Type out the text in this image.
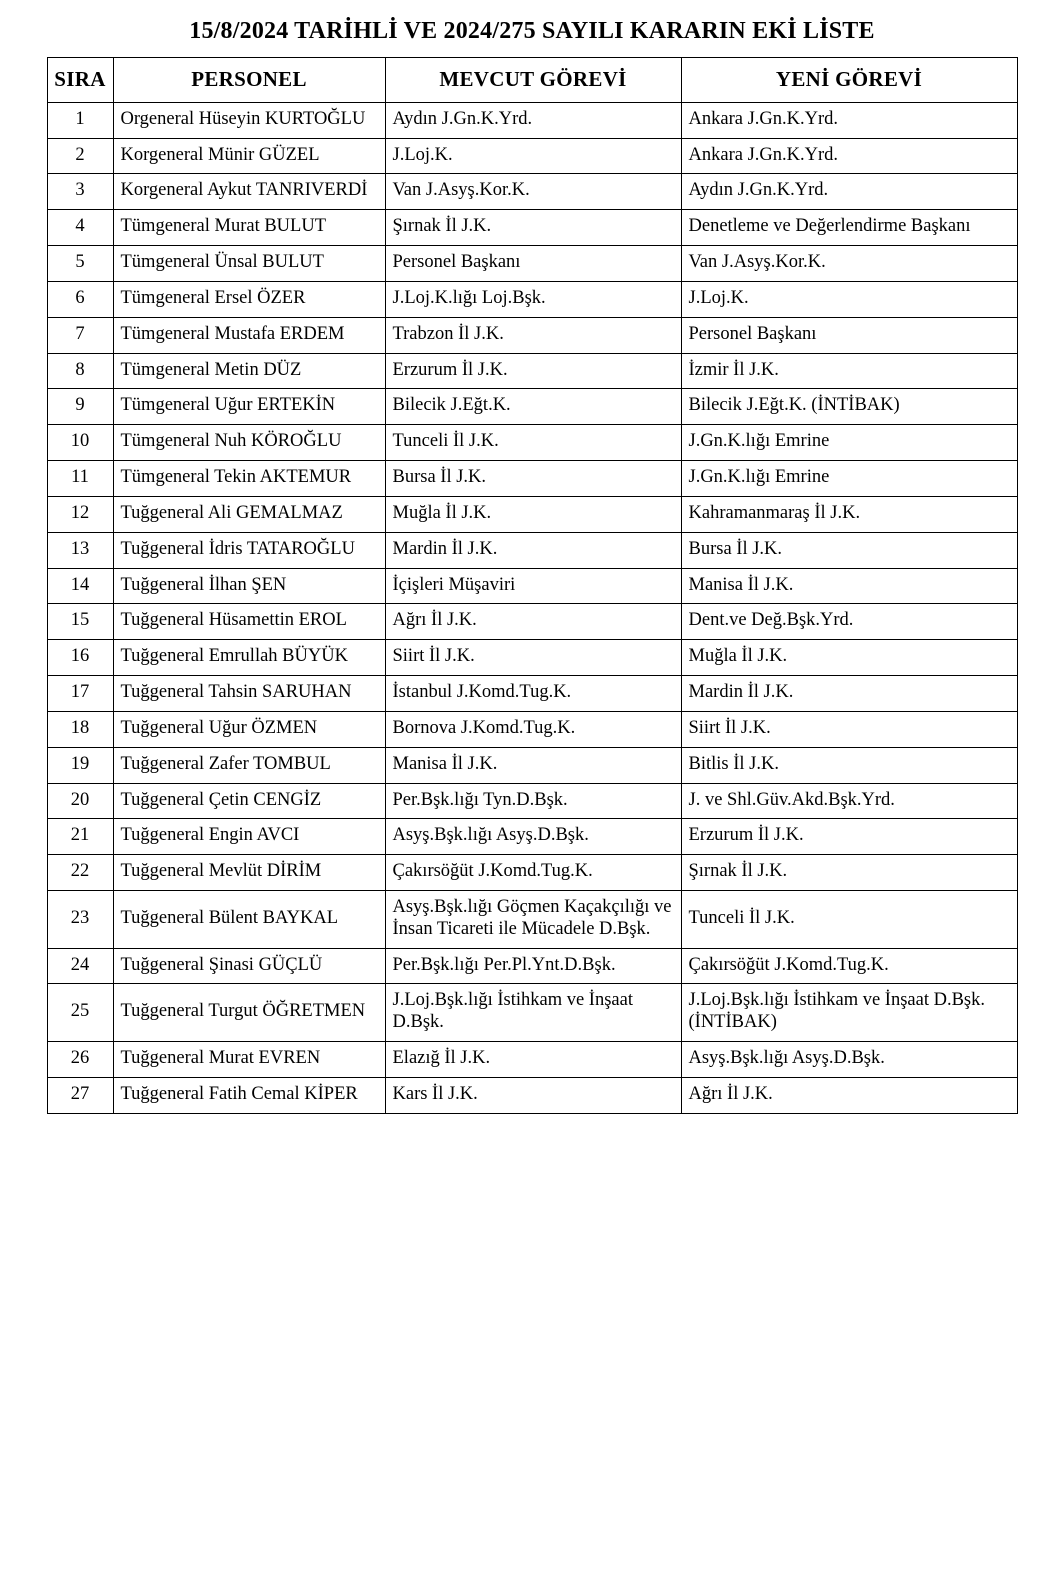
15/8/2024 TARİHLİ VE 2024/275 SAYILI KARARIN EKİ LİSTE
SIRA	PERSONEL	MEVCUT GÖREVİ	YENİ GÖREVİ
1	Orgeneral Hüseyin KURTOĞLU	Aydın J.Gn.K.Yrd.	Ankara J.Gn.K.Yrd.
2	Korgeneral Münir GÜZEL	J.Loj.K.	Ankara J.Gn.K.Yrd.
3	Korgeneral Aykut TANRIVERDİ	Van J.Asyş.Kor.K.	Aydın J.Gn.K.Yrd.
4	Tümgeneral Murat BULUT	Şırnak İl J.K.	Denetleme ve Değerlendirme Başkanı
5	Tümgeneral Ünsal BULUT	Personel Başkanı	Van J.Asyş.Kor.K.
6	Tümgeneral Ersel ÖZER	J.Loj.K.lığı Loj.Bşk.	J.Loj.K.
7	Tümgeneral Mustafa ERDEM	Trabzon İl J.K.	Personel Başkanı
8	Tümgeneral Metin DÜZ	Erzurum İl J.K.	İzmir İl J.K.
9	Tümgeneral Uğur ERTEKİN	Bilecik J.Eğt.K.	Bilecik J.Eğt.K. (İNTİBAK)
10	Tümgeneral Nuh KÖROĞLU	Tunceli İl J.K.	J.Gn.K.lığı Emrine
11	Tümgeneral Tekin AKTEMUR	Bursa İl J.K.	J.Gn.K.lığı Emrine
12	Tuğgeneral Ali GEMALMAZ	Muğla İl J.K.	Kahramanmaraş İl J.K.
13	Tuğgeneral İdris TATAROĞLU	Mardin İl J.K.	Bursa İl J.K.
14	Tuğgeneral İlhan ŞEN	İçişleri Müşaviri	Manisa İl J.K.
15	Tuğgeneral Hüsamettin EROL	Ağrı İl J.K.	Dent.ve Değ.Bşk.Yrd.
16	Tuğgeneral Emrullah BÜYÜK	Siirt İl J.K.	Muğla İl J.K.
17	Tuğgeneral Tahsin SARUHAN	İstanbul J.Komd.Tug.K.	Mardin İl J.K.
18	Tuğgeneral Uğur ÖZMEN	Bornova J.Komd.Tug.K.	Siirt İl J.K.
19	Tuğgeneral Zafer TOMBUL	Manisa İl J.K.	Bitlis İl J.K.
20	Tuğgeneral Çetin CENGİZ	Per.Bşk.lığı Tyn.D.Bşk.	J. ve Shl.Güv.Akd.Bşk.Yrd.
21	Tuğgeneral Engin AVCI	Asyş.Bşk.lığı Asyş.D.Bşk.	Erzurum İl J.K.
22	Tuğgeneral Mevlüt DİRİM	Çakırsöğüt J.Komd.Tug.K.	Şırnak İl J.K.
23	Tuğgeneral Bülent BAYKAL	Asyş.Bşk.lığı Göçmen Kaçakçılığı ve İnsan Ticareti ile Mücadele D.Bşk.	Tunceli İl J.K.
24	Tuğgeneral Şinasi GÜÇLÜ	Per.Bşk.lığı Per.Pl.Ynt.D.Bşk.	Çakırsöğüt J.Komd.Tug.K.
25	Tuğgeneral Turgut ÖĞRETMEN	J.Loj.Bşk.lığı İstihkam ve İnşaat D.Bşk.	J.Loj.Bşk.lığı İstihkam ve İnşaat D.Bşk. (İNTİBAK)
26	Tuğgeneral Murat EVREN	Elazığ İl J.K.	Asyş.Bşk.lığı Asyş.D.Bşk.
27	Tuğgeneral Fatih Cemal KİPER	Kars İl J.K.	Ağrı İl J.K.
